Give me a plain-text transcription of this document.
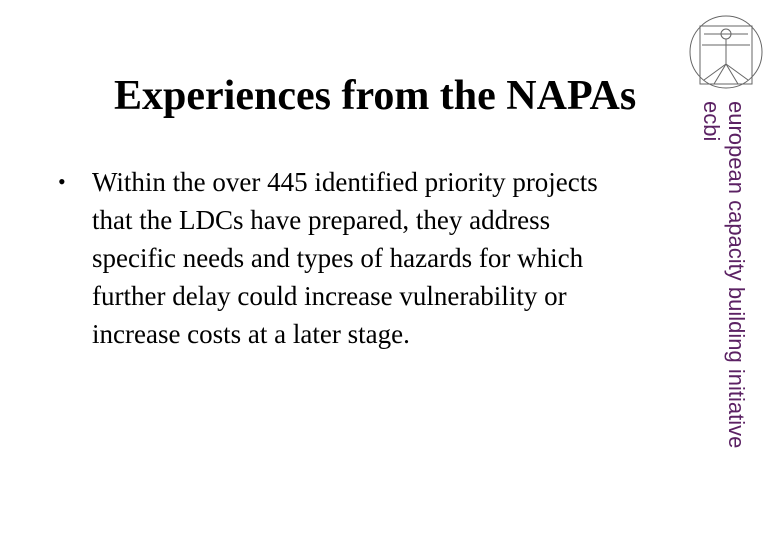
Experiences from the NAPAs
• Within the over 445 identified priority projects
that the LDCs have prepared, they address
specific needs and types of hazards for which
further delay could increase vulnerability or
increase costs at a later stage.	european capacity building initiative
ecbi
